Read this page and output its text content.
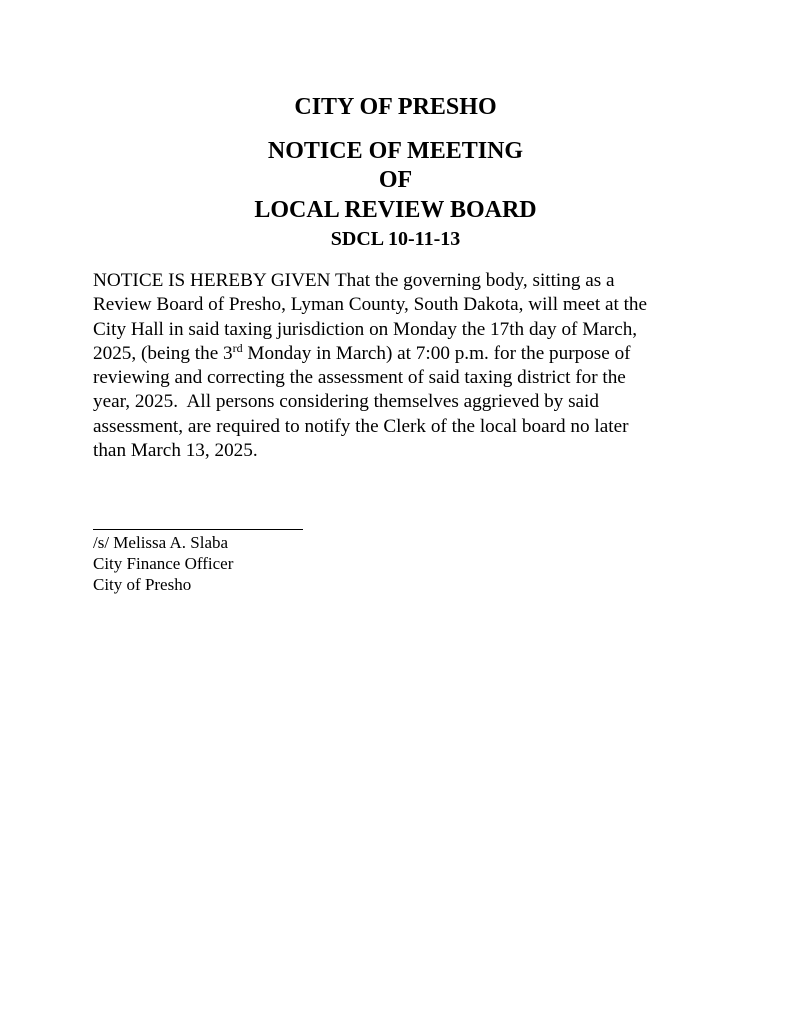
CITY OF PRESHO
NOTICE OF MEETING
OF
LOCAL REVIEW BOARD
SDCL 10-11-13
NOTICE IS HEREBY GIVEN That the governing body, sitting as a
Review Board of Presho, Lyman County, South Dakota, will meet at the
City Hall in said taxing jurisdiction on Monday the 17th day of March,
2025, (being the 3rd Monday in March) at 7:00 p.m. for the purpose of
reviewing and correcting the assessment of said taxing district for the
year, 2025.  All persons considering themselves aggrieved by said
assessment, are required to notify the Clerk of the local board no later
than March 13, 2025.
/s/ Melissa A. Slaba
City Finance Officer
City of Presho
